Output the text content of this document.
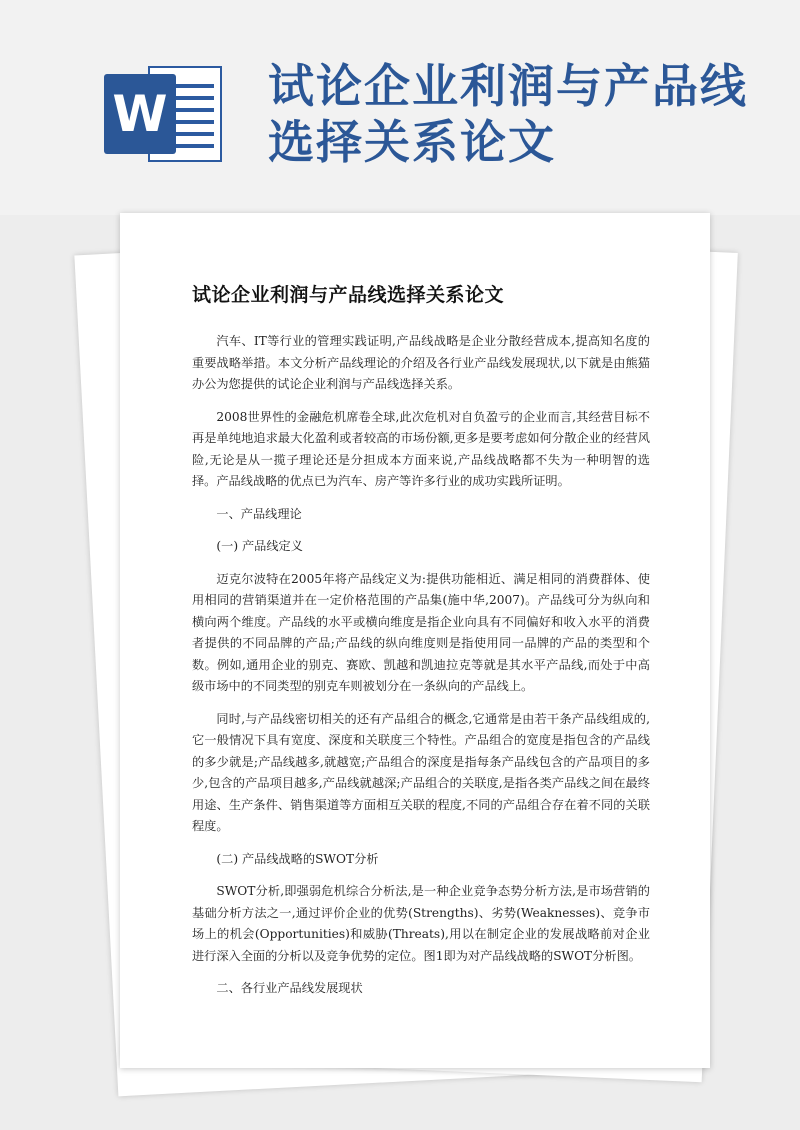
W 试论企业利润与产品线选择关系论文
试论企业利润与产品线选择关系论文

汽车、IT等行业的管理实践证明,产品线战略是企业分散经营成本,提高知名度的重要战略举措。本文分析产品线理论的介绍及各行业产品线发展现状,以下就是由熊猫办公为您提供的试论企业利润与产品线选择关系。

2008世界性的金融危机席卷全球,此次危机对自负盈亏的企业而言,其经营目标不再是单纯地追求最大化盈利或者较高的市场份额,更多是要考虑如何分散企业的经营风险,无论是从一揽子理论还是分担成本方面来说,产品线战略都不失为一种明智的选择。产品线战略的优点已为汽车、房产等许多行业的成功实践所证明。

一、产品线理论

(一) 产品线定义

迈克尔波特在2005年将产品线定义为:提供功能相近、满足相同的消费群体、使用相同的营销渠道并在一定价格范围的产品集(施中华,2007)。产品线可分为纵向和横向两个维度。产品线的水平或横向维度是指企业向具有不同偏好和收入水平的消费者提供的不同品牌的产品;产品线的纵向维度则是指使用同一品牌的产品的类型和个数。例如,通用企业的别克、赛欧、凯越和凯迪拉克等就是其水平产品线,而处于中高级市场中的不同类型的别克车则被划分在一条纵向的产品线上。

同时,与产品线密切相关的还有产品组合的概念,它通常是由若干条产品线组成的,它一般情况下具有宽度、深度和关联度三个特性。产品组合的宽度是指包含的产品线的多少就是;产品线越多,就越宽;产品组合的深度是指每条产品线包含的产品项目的多少,包含的产品项目越多,产品线就越深;产品组合的关联度,是指各类产品线之间在最终用途、生产条件、销售渠道等方面相互关联的程度,不同的产品组合存在着不同的关联程度。

(二) 产品线战略的SWOT分析

SWOT分析,即强弱危机综合分析法,是一种企业竞争态势分析方法,是市场营销的基础分析方法之一,通过评价企业的优势(Strengths)、劣势(Weaknesses)、竞争市场上的机会(Opportunities)和威胁(Threats),用以在制定企业的发展战略前对企业进行深入全面的分析以及竞争优势的定位。图1即为对产品线战略的SWOT分析图。

二、各行业产品线发展现状
